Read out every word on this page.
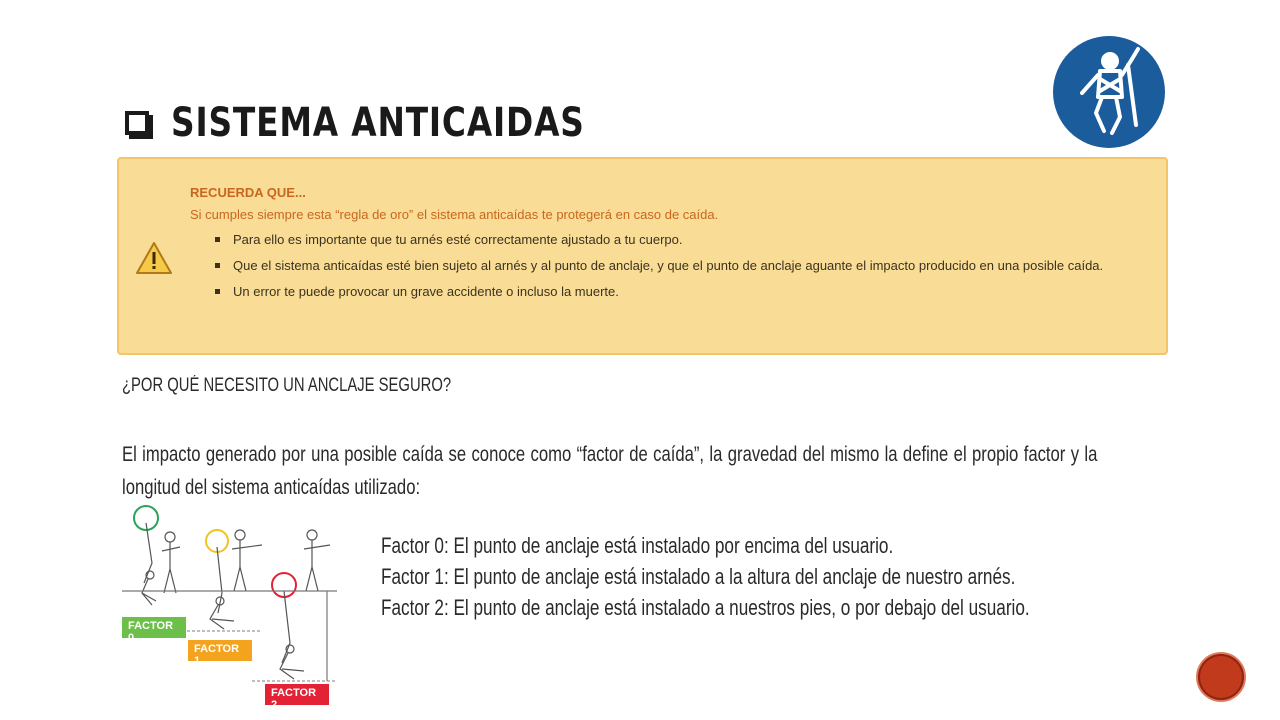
SISTEMA ANTICAIDAS
RECUERDA QUE...
Si cumples siempre esta “regla de oro” el sistema anticaídas te protegerá en caso de caída.
Para ello es importante que tu arnés esté correctamente ajustado a tu cuerpo.
Que el sistema anticaídas esté bien sujeto al arnés y al punto de anclaje, y que el punto de anclaje aguante el impacto producido en una posible caída.
Un error te puede provocar un grave accidente o incluso la muerte.
¿POR QUÉ NECESITO UN ANCLAJE SEGURO?
El impacto generado por una posible caída se conoce como “factor de caída”, la gravedad del mismo la define el propio factor y la longitud del sistema anticaídas utilizado:
FACTOR 0
FACTOR 1
FACTOR 2
Factor 0: El punto de anclaje está instalado por encima del usuario.
Factor 1: El punto de anclaje está instalado a la altura del anclaje de nuestro arnés.
Factor 2: El punto de anclaje está instalado a nuestros pies, o por debajo del usuario.
